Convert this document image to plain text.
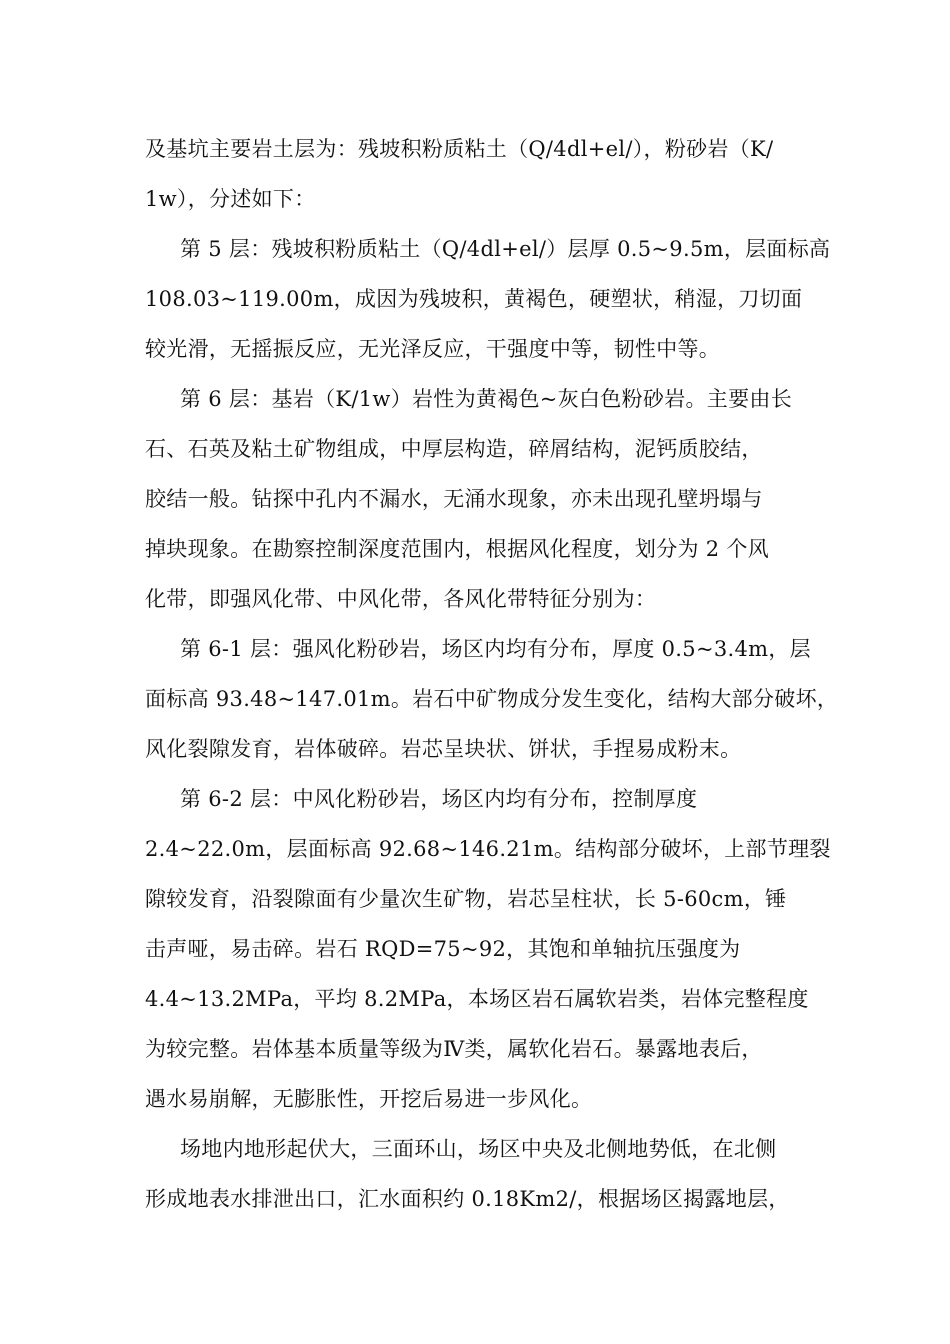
及基坑主要岩土层为：残坡积粉质粘土（Q/4dl+el/），粉砂岩（K/
1w），分述如下：
第 5 层：残坡积粉质粘土（Q/4dl+el/）层厚 0.5~9.5m，层面标高
108.03~119.00m，成因为残坡积，黄褐色，硬塑状，稍湿，刀切面
较光滑，无摇振反应，无光泽反应，干强度中等，韧性中等。
第 6 层：基岩（K/1w）岩性为黄褐色~灰白色粉砂岩。主要由长
石、石英及粘土矿物组成，中厚层构造，碎屑结构，泥钙质胶结，
胶结一般。钻探中孔内不漏水，无涌水现象，亦未出现孔壁坍塌与
掉块现象。在勘察控制深度范围内，根据风化程度，划分为 2 个风
化带，即强风化带、中风化带，各风化带特征分别为：
第 6-1 层：强风化粉砂岩，场区内均有分布，厚度 0.5~3.4m，层
面标高 93.48~147.01m。岩石中矿物成分发生变化，结构大部分破坏，
风化裂隙发育，岩体破碎。岩芯呈块状、饼状，手捏易成粉末。
第 6-2 层：中风化粉砂岩，场区内均有分布，控制厚度
2.4~22.0m，层面标高 92.68~146.21m。结构部分破坏，上部节理裂
隙较发育，沿裂隙面有少量次生矿物，岩芯呈柱状，长 5-60cm，锤
击声哑，易击碎。岩石 RQD=75~92，其饱和单轴抗压强度为
4.4~13.2MPa，平均 8.2MPa，本场区岩石属软岩类，岩体完整程度
为较完整。岩体基本质量等级为Ⅳ类，属软化岩石。暴露地表后，
遇水易崩解，无膨胀性，开挖后易进一步风化。
场地内地形起伏大，三面环山，场区中央及北侧地势低，在北侧
形成地表水排泄出口，汇水面积约 0.18Km2/，根据场区揭露地层，
